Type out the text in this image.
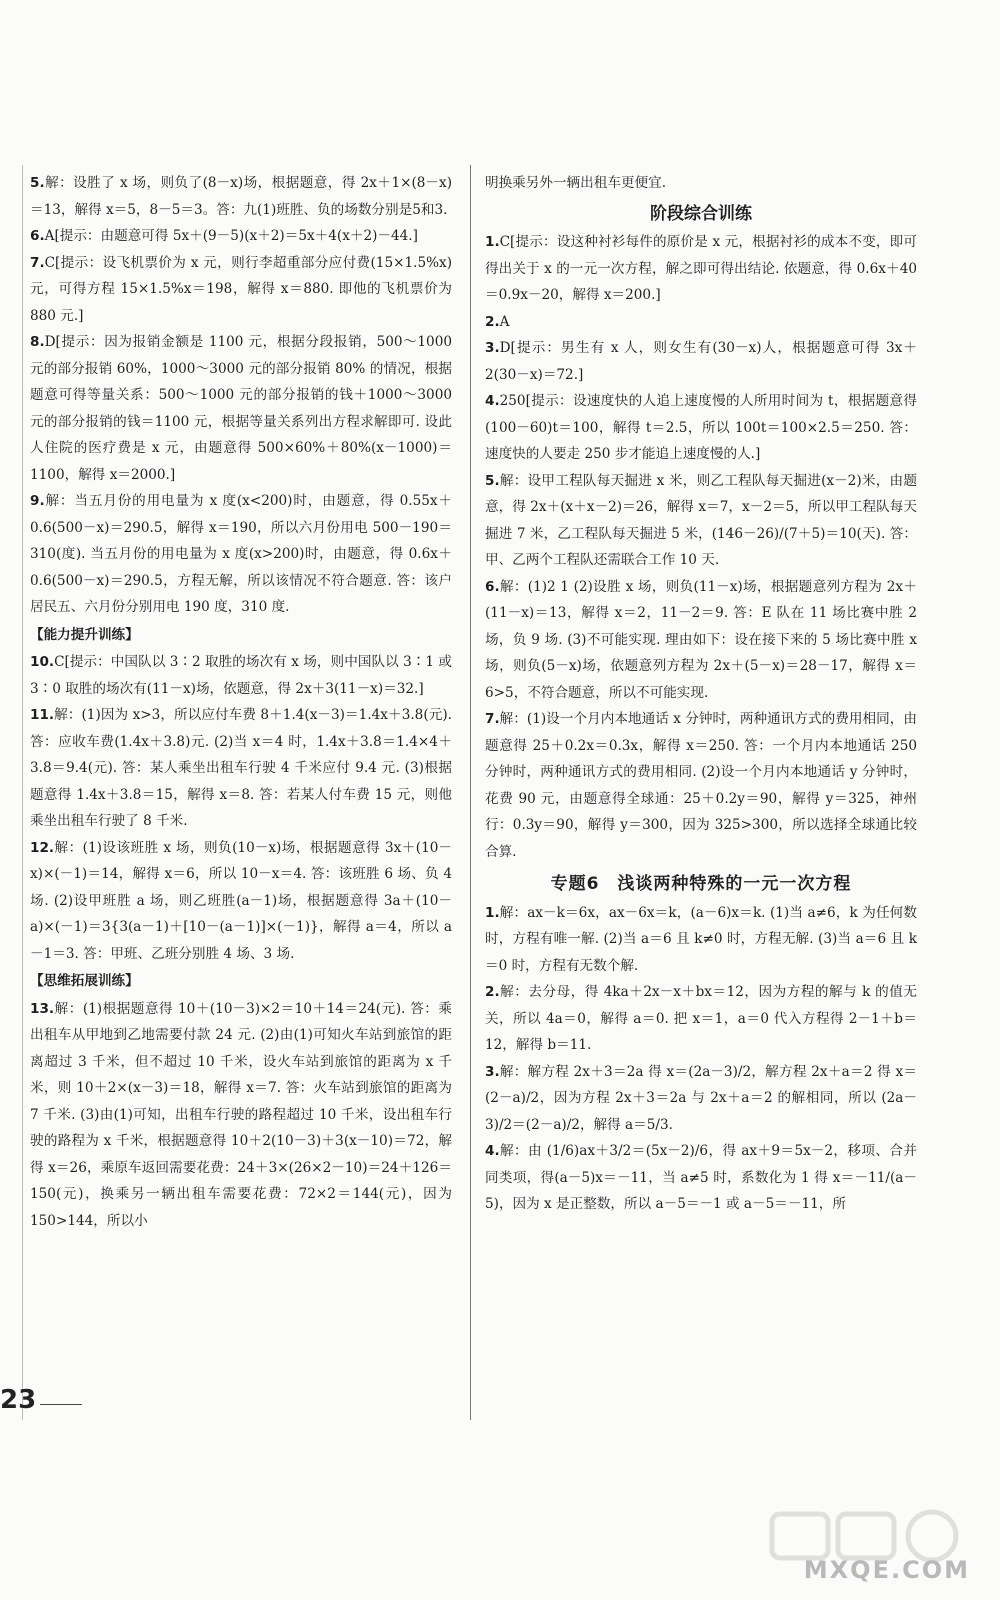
5.解：设胜了 x 场，则负了(8－x)场，根据题意，得 2x＋1×(8－x)＝13，解得 x＝5，8－5＝3。答：九(1)班胜、负的场数分别是5和3.

6.A[提示：由题意可得 5x＋(9－5)(x＋2)＝5x＋4(x＋2)－44.]

7.C[提示：设飞机票价为 x 元，则行李超重部分应付费(15×1.5%x)元，可得方程 15×1.5%x＝198，解得 x＝880. 即他的飞机票价为 880 元.]

8.D[提示：因为报销金额是 1100 元，根据分段报销，500～1000 元的部分报销 60%，1000～3000 元的部分报销 80% 的情况，根据题意可得等量关系：500～1000 元的部分报销的钱＋1000～3000 元的部分报销的钱＝1100 元，根据等量关系列出方程求解即可. 设此人住院的医疗费是 x 元，由题意得 500×60%＋80%(x－1000)＝1100，解得 x＝2000.]

9.解：当五月份的用电量为 x 度(x<200)时，由题意，得 0.55x＋0.6(500－x)＝290.5，解得 x＝190，所以六月份用电 500－190＝310(度). 当五月份的用电量为 x 度(x>200)时，由题意，得 0.6x＋0.6(500－x)＝290.5，方程无解，所以该情况不符合题意. 答：该户居民五、六月份分别用电 190 度，310 度.

【能力提升训练】

10.C[提示：中国队以 3∶2 取胜的场次有 x 场，则中国队以 3∶1 或 3∶0 取胜的场次有(11－x)场，依题意，得 2x＋3(11－x)＝32.]

11.解：(1)因为 x>3，所以应付车费 8＋1.4(x－3)＝1.4x＋3.8(元). 答：应收车费(1.4x＋3.8)元. (2)当 x＝4 时，1.4x＋3.8＝1.4×4＋3.8＝9.4(元). 答：某人乘坐出租车行驶 4 千米应付 9.4 元. (3)根据题意得 1.4x＋3.8＝15，解得 x＝8. 答：若某人付车费 15 元，则他乘坐出租车行驶了 8 千米.

12.解：(1)设该班胜 x 场，则负(10－x)场，根据题意得 3x＋(10－x)×(－1)＝14，解得 x＝6，所以 10－x＝4. 答：该班胜 6 场、负 4 场. (2)设甲班胜 a 场，则乙班胜(a－1)场，根据题意得 3a＋(10－a)×(－1)＝3{3(a－1)＋[10－(a－1)]×(－1)}，解得 a＝4，所以 a－1＝3. 答：甲班、乙班分别胜 4 场、3 场.

【思维拓展训练】

13.解：(1)根据题意得 10＋(10－3)×2＝10＋14＝24(元). 答：乘出租车从甲地到乙地需要付款 24 元. (2)由(1)可知火车站到旅馆的距离超过 3 千米，但不超过 10 千米，设火车站到旅馆的距离为 x 千米，则 10＋2×(x－3)＝18，解得 x＝7. 答：火车站到旅馆的距离为 7 千米. (3)由(1)可知，出租车行驶的路程超过 10 千米，设出租车行驶的路程为 x 千米，根据题意得 10＋2(10－3)＋3(x－10)＝72，解得 x＝26，乘原车返回需要花费：24＋3×(26×2－10)＝24＋126＝150(元)，换乘另一辆出租车需要花费：72×2＝144(元)，因为 150>144，所以小

明换乘另外一辆出租车更便宜.

阶段综合训练

1.C[提示：设这种衬衫每件的原价是 x 元，根据衬衫的成本不变，即可得出关于 x 的一元一次方程，解之即可得出结论. 依题意，得 0.6x＋40＝0.9x－20，解得 x＝200.]

2.A

3.D[提示：男生有 x 人，则女生有(30－x)人，根据题意可得 3x＋2(30－x)＝72.]

4.250[提示：设速度快的人追上速度慢的人所用时间为 t，根据题意得(100－60)t＝100，解得 t＝2.5，所以 100t＝100×2.5＝250. 答：速度快的人要走 250 步才能追上速度慢的人.]

5.解：设甲工程队每天掘进 x 米，则乙工程队每天掘进(x－2)米，由题意，得 2x＋(x＋x－2)＝26，解得 x＝7，x－2＝5，所以甲工程队每天掘进 7 米，乙工程队每天掘进 5 米，(146－26)/(7＋5)＝10(天). 答：甲、乙两个工程队还需联合工作 10 天.

6.解：(1)2 1 (2)设胜 x 场，则负(11－x)场，根据题意列方程为 2x＋(11－x)＝13，解得 x＝2，11－2＝9. 答：E 队在 11 场比赛中胜 2 场，负 9 场. (3)不可能实现. 理由如下：设在接下来的 5 场比赛中胜 x 场，则负(5－x)场，依题意列方程为 2x＋(5－x)＝28－17，解得 x＝6>5，不符合题意，所以不可能实现.

7.解：(1)设一个月内本地通话 x 分钟时，两种通讯方式的费用相同，由题意得 25＋0.2x＝0.3x，解得 x＝250. 答：一个月内本地通话 250 分钟时，两种通讯方式的费用相同. (2)设一个月内本地通话 y 分钟时，花费 90 元，由题意得全球通：25＋0.2y＝90，解得 y＝325，神州行：0.3y＝90，解得 y＝300，因为 325>300，所以选择全球通比较合算.

专题6　浅谈两种特殊的一元一次方程

1.解：ax－k＝6x，ax－6x＝k，(a－6)x＝k. (1)当 a≠6，k 为任何数时，方程有唯一解. (2)当 a＝6 且 k≠0 时，方程无解. (3)当 a＝6 且 k＝0 时，方程有无数个解.

2.解：去分母，得 4ka＋2x－x＋bx＝12，因为方程的解与 k 的值无关，所以 4a＝0，解得 a＝0. 把 x＝1，a＝0 代入方程得 2－1＋b＝12，解得 b＝11.

3.解：解方程 2x＋3＝2a 得 x＝(2a－3)/2，解方程 2x＋a＝2 得 x＝(2－a)/2，因为方程 2x＋3＝2a 与 2x＋a＝2 的解相同，所以 (2a－3)/2＝(2－a)/2，解得 a＝5/3.

4.解：由 (1/6)ax＋3/2＝(5x－2)/6，得 ax＋9＝5x－2，移项、合并同类项，得(a－5)x＝－11，当 a≠5 时，系数化为 1 得 x＝－11/(a－5)，因为 x 是正整数，所以 a－5＝－1 或 a－5＝－11，所

23
MXQE.COM
